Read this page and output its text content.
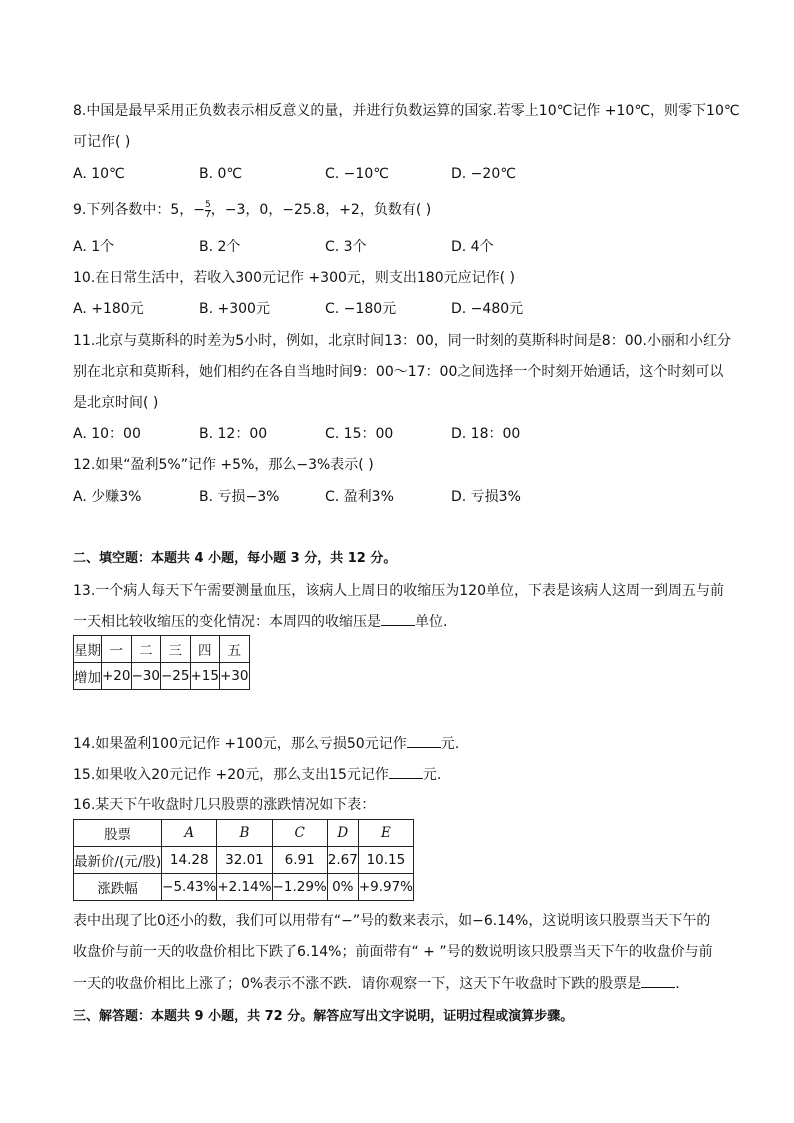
8.中国是最早采用正负数表示相反意义的量，并进行负数运算的国家.若零上10℃记作 +10℃，则零下10℃
可记作( )
A. 10℃	B. 0℃	C. −10℃	D. −20℃
9.下列各数中：5，− $\frac{5}{7}$ ，−3，0，−25.8，+2，负数有( )
A. 1个	B. 2个	C. 3个	D. 4个
10.在日常生活中，若收入300元记作 +300元，则支出180元应记作( )
A. +180元	B. +300元	C. −180元	D. −480元
11.北京与莫斯科的时差为5小时，例如，北京时间13：00，同一时刻的莫斯科时间是8：00.小丽和小红分
别在北京和莫斯科，她们相约在各自当地时间9：00～17：00之间选择一个时刻开始通话，这个时刻可以
是北京时间( )
A. 10：00	B. 12：00	C. 15：00	D. 18：00
12.如果“盈利5%”记作 +5%，那么−3%表示( )
A. 少赚3%	B. 亏损−3%	C. 盈利3%	D. 亏损3%
二、填空题：本题共 4 小题，每小题 3 分，共 12 分。
13.一个病人每天下午需要测量血压，该病人上周日的收缩压为120单位，下表是该病人这周一到周五与前
一天相比较收缩压的变化情况：本周四的收缩压是 单位.
星期	一	二	三	四	五
增加	+20	−30	−25	+15	+30
14.如果盈利100元记作 +100元，那么亏损50元记作 元.
15.如果收入20元记作 +20元，那么支出15元记作 元.
16.某天下午收盘时几只股票的涨跌情况如下表：
股票	A	B	C	D	E
最新价/(元/股)	14.28	32.01	6.91	2.67	10.15
涨跌幅	−5.43%	+2.14%	−1.29%	0%	+9.97%
表中出现了比0还小的数，我们可以用带有“−”号的数来表示，如−6.14%，这说明该只股票当天下午的
收盘价与前一天的收盘价相比下跌了6.14%；前面带有“ + ”号的数说明该只股票当天下午的收盘价与前
一天的收盘价相比上涨了；0%表示不涨不跌．请你观察一下，这天下午收盘时下跌的股票是 .
三、解答题：本题共 9 小题，共 72 分。解答应写出文字说明，证明过程或演算步骤。
